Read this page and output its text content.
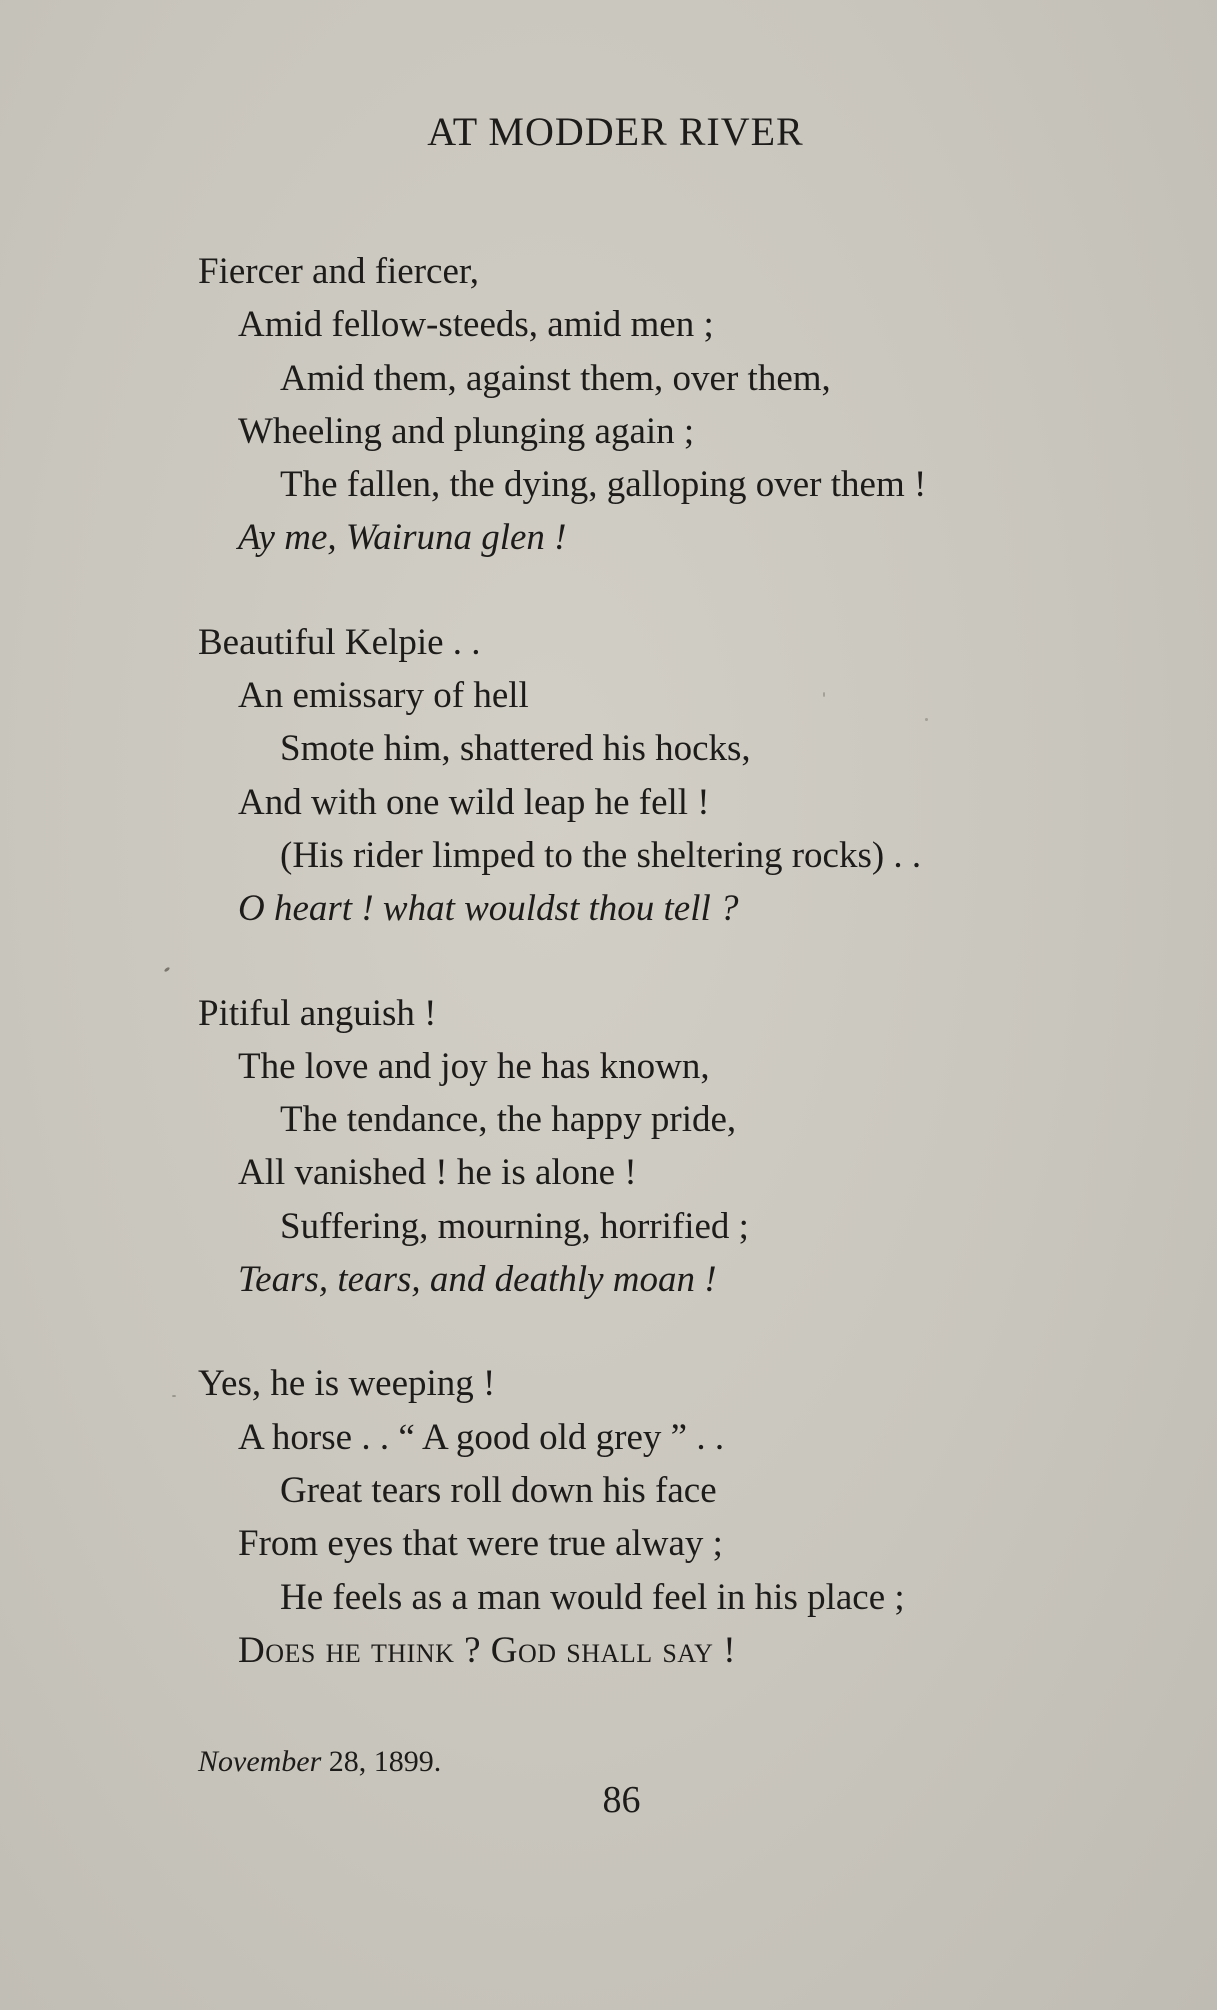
AT MODDER RIVER
Fiercer and fiercer,
Amid fellow-steeds, amid men ;
Amid them, against them, over them,
Wheeling and plunging again ;
The fallen, the dying, galloping over them !
Ay me, Wairuna glen !
Beautiful Kelpie . .
An emissary of hell
Smote him, shattered his hocks,
And with one wild leap he fell !
(His rider limped to the sheltering rocks) . .
O heart ! what wouldst thou tell ?
Pitiful anguish !
The love and joy he has known,
The tendance, the happy pride,
All vanished ! he is alone !
Suffering, mourning, horrified ;
Tears, tears, and deathly moan !
Yes, he is weeping !
A horse . . “ A good old grey ” . .
Great tears roll down his face
From eyes that were true alway ;
He feels as a man would feel in his place ;
Does he think ? God shall say !
November 28, 1899.
86
